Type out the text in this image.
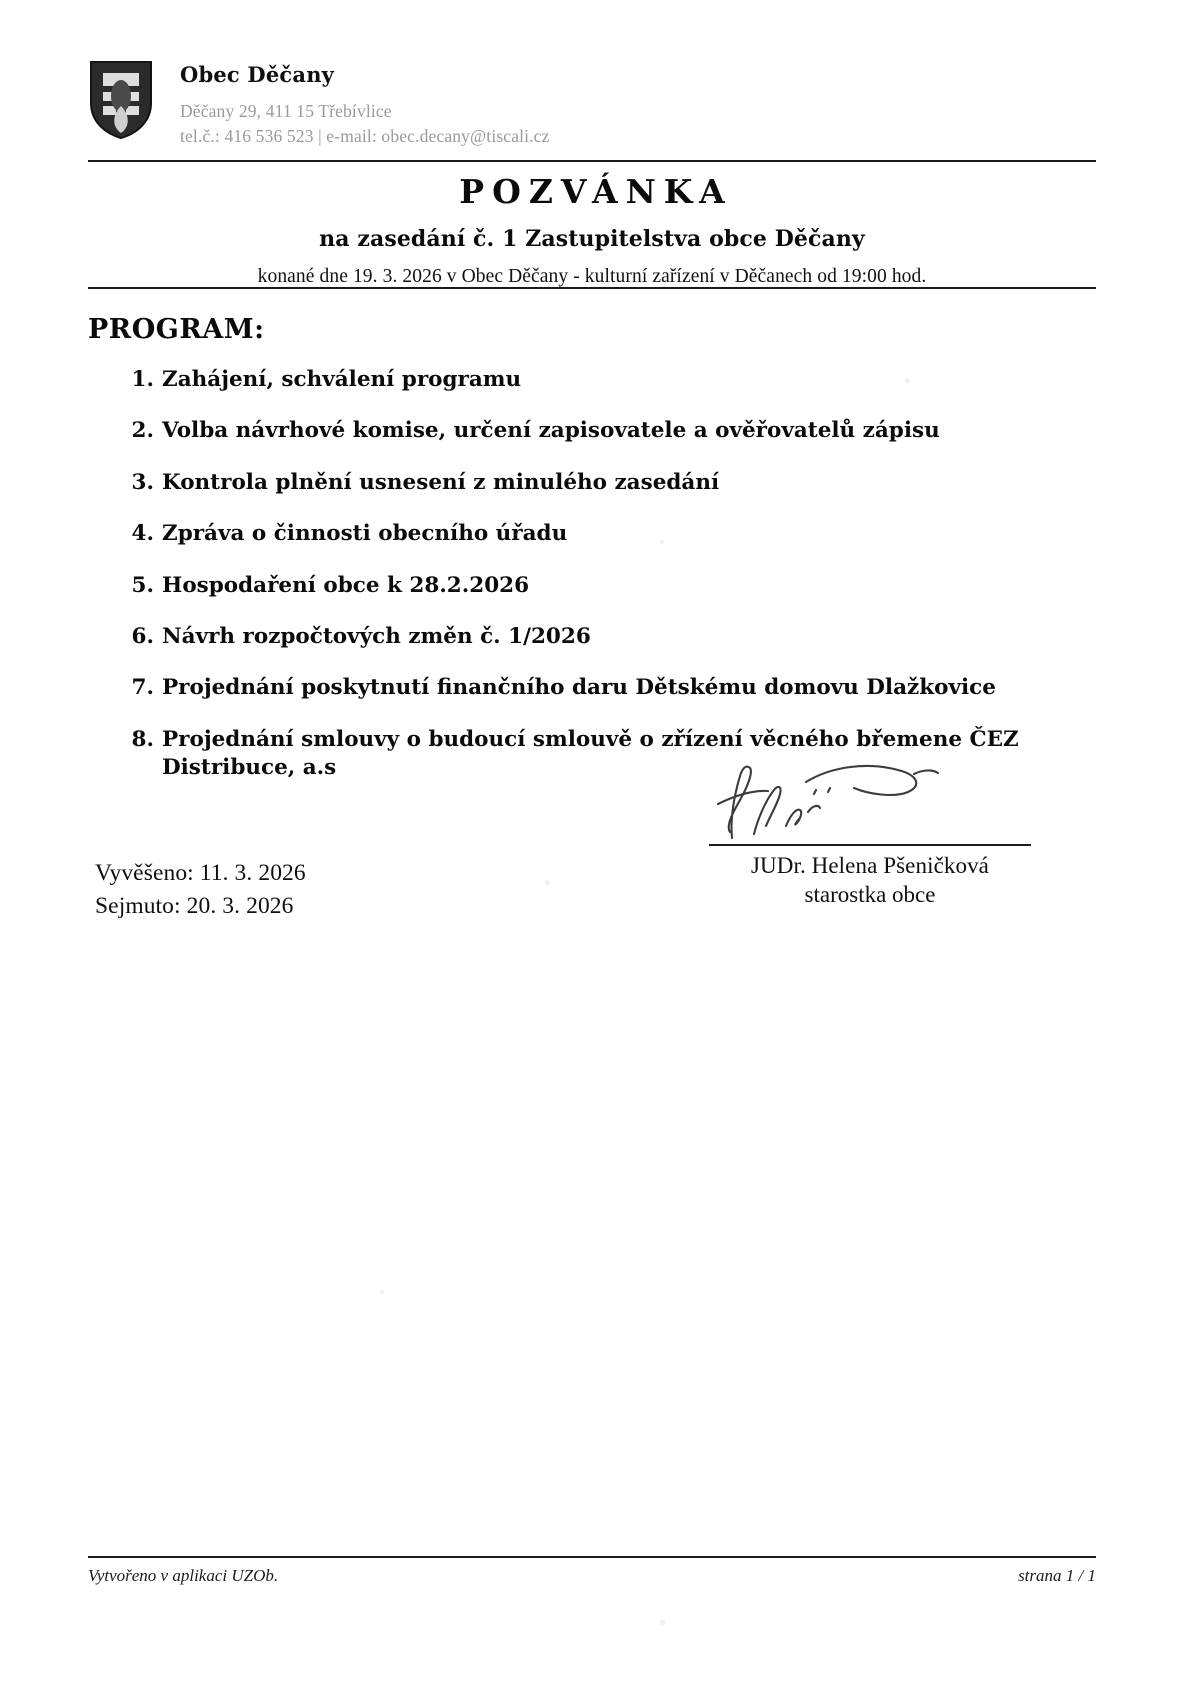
Obec Děčany
Děčany 29, 411 15 Třebívlice
tel.č.: 416 536 523 | e-mail: obec.decany@tiscali.cz
POZVÁNKA
na zasedání č. 1 Zastupitelstva obce Děčany
konané dne 19. 3. 2026 v Obec Děčany - kulturní zařízení v Děčanech od 19:00 hod.
PROGRAM:
1. Zahájení, schválení programu
2. Volba návrhové komise, určení zapisovatele a ověřovatelů zápisu
3. Kontrola plnění usnesení z minulého zasedání
4. Zpráva o činnosti obecního úřadu
5. Hospodaření obce k 28.2.2026
6. Návrh rozpočtových změn č. 1/2026
7. Projednání poskytnutí finančního daru Dětskému domovu Dlažkovice
8. Projednání smlouvy o budoucí smlouvě o zřízení věcného břemene ČEZ Distribuce, a.s
JUDr. Helena Pšeničková
starostka obce
Vyvěšeno: 11. 3. 2026
Sejmuto: 20. 3. 2026
Vytvořeno v aplikaci UZOb.	strana 1 / 1
